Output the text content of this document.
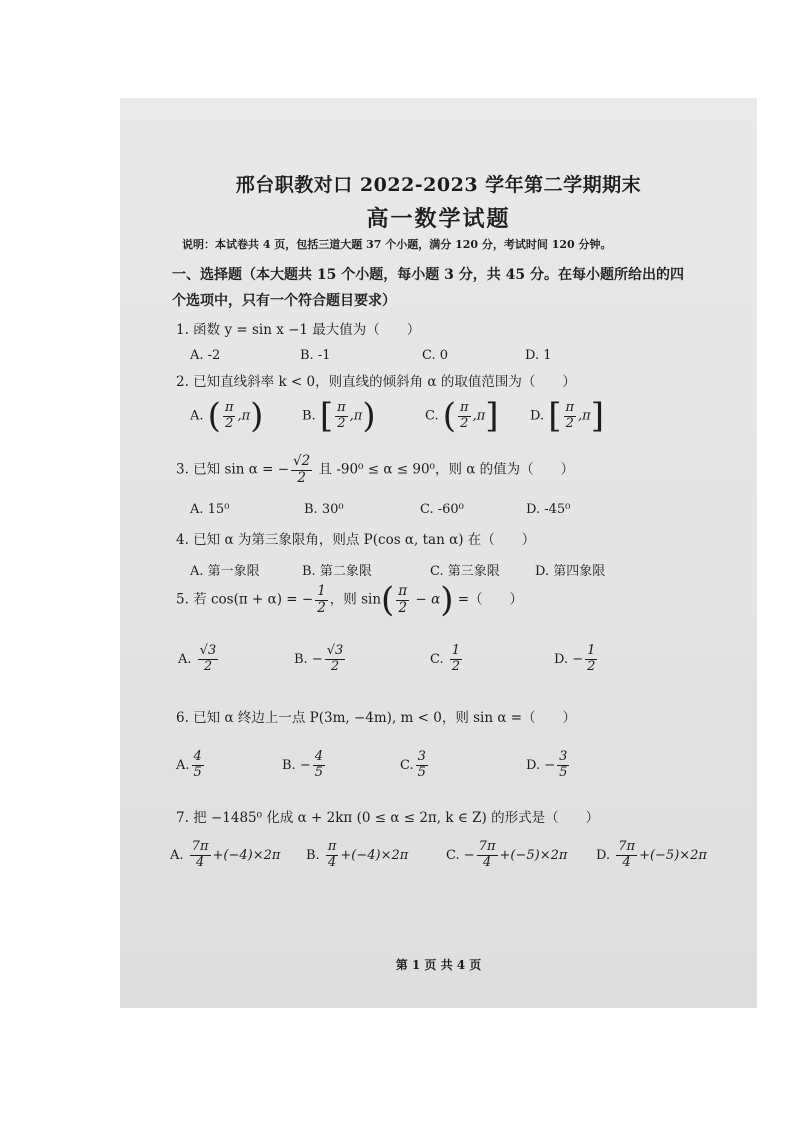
邢台职教对口 2022-2023 学年第二学期期末
高一数学试题
说明：本试卷共 4 页，包括三道大题 37 个小题，满分 120 分，考试时间 120 分钟。
一、选择题（本大题共 15 个小题，每小题 3 分，共 45 分。在每小题所给出的四
个选项中，只有一个符合题目要求）
1. 函数 y = sin x −1 最大值为（　　）
A. -2	B. -1	C. 0	D. 1
2. 已知直线斜率 k < 0，则直线的倾斜角 α 的取值范围为（　　）
A. ( $\frac{\pi}{2} ,\pi$)	B. [ $\frac{\pi}{2} ,\pi$)	C. ( $\frac{\pi}{2} ,\pi$] D. [ $\frac{\pi}{2} ,\pi$]
3. 已知 sin α = − $\frac{√2}{2}$ 且 -90⁰ ≤ α ≤ 90⁰，则 α 的值为（　　）
A. 15⁰	B. 30⁰	C. -60⁰	D. -45⁰
4. 已知 α 为第三象限角，则点 P(cos α, tan α) 在（　　）
A. 第一象限	B. 第二象限	C. 第三象限	D. 第四象限
5. 若 cos(π + α) = − $\frac{1}{2}$ ，则 $\sin( \frac{\pi}{2} - \alpha)$ =（　　）
A. $\frac{√3}{2}$	B. − $\frac{√3}{2}$	C. $\frac{1}{2}$	D. − $\frac{1}{2}$
6. 已知 α 终边上一点 P(3m, −4m), m < 0，则 sin α =（　　）
A. $\frac{4}{5}$	B. − $\frac{4}{5}$	C. $\frac{3}{5}$	D. − $\frac{3}{5}$
7. 把 −1485⁰ 化成 α + 2kπ (0 ≤ α ≤ 2π, k ∈ Z) 的形式是（　　）
A. $\frac{7\pi}{4} +(-4)\times 2\pi$ B. $\frac{\pi}{4} +(-4)\times 2\pi$	C. − $\frac{7\pi}{4} +(-5)\times 2\pi$ D. $\frac{7\pi}{4} +(-5)\times 2\pi$
第 1 页 共 4 页
